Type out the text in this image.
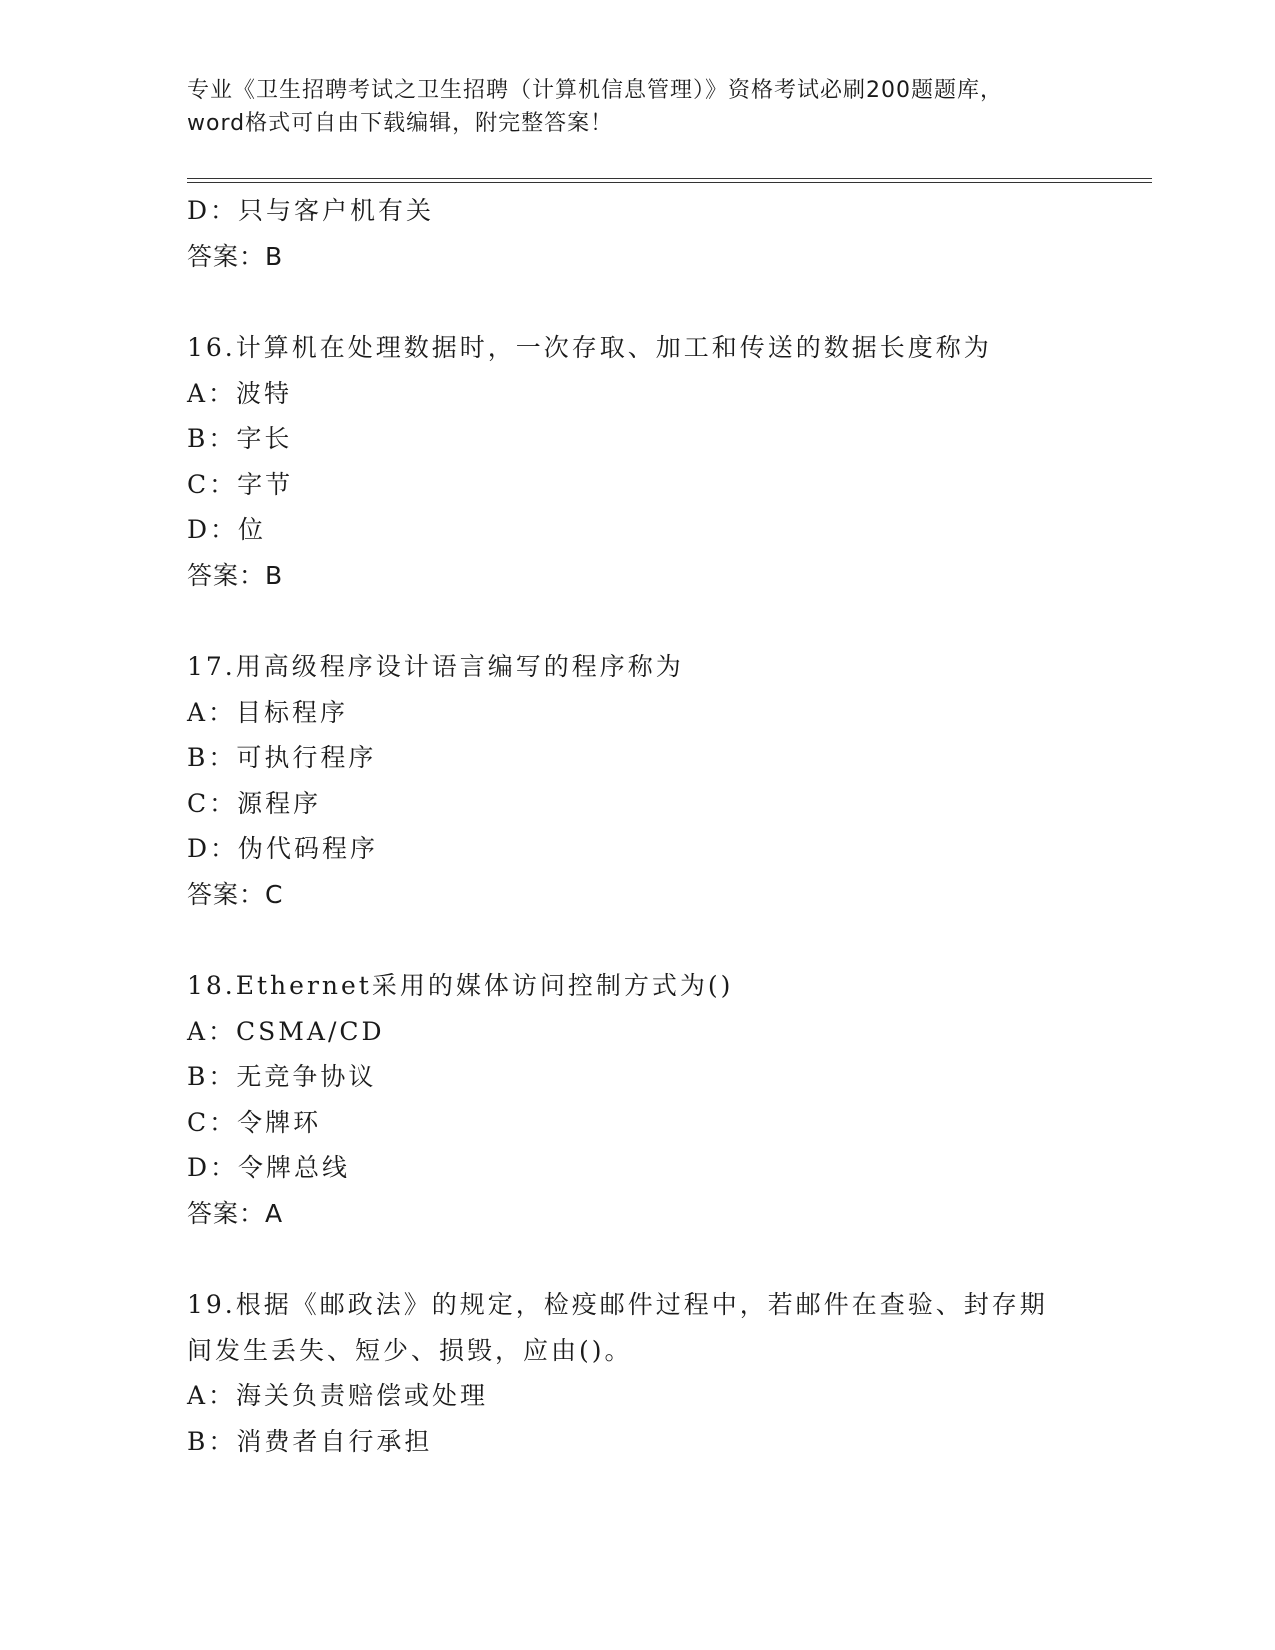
专业《卫生招聘考试之卫生招聘（计算机信息管理）》资格考试必刷200题题库，
word格式可自由下载编辑，附完整答案！
D：只与客户机有关
答案：B
16.计算机在处理数据时，一次存取、加工和传送的数据长度称为
A：波特
B：字长
C：字节
D：位
答案：B
17.用高级程序设计语言编写的程序称为
A：目标程序
B：可执行程序
C：源程序
D：伪代码程序
答案：C
18.Ethernet采用的媒体访问控制方式为()
A：CSMA/CD
B：无竞争协议
C：令牌环
D：令牌总线
答案：A
19.根据《邮政法》的规定，检疫邮件过程中，若邮件在查验、封存期
间发生丢失、短少、损毁，应由()。
A：海关负责赔偿或处理
B：消费者自行承担
